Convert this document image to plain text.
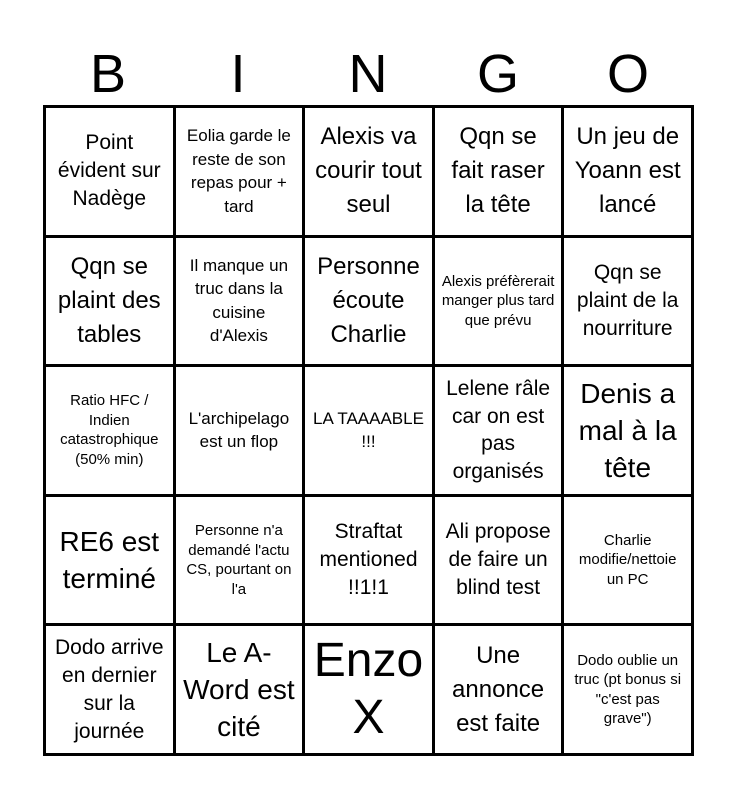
B	I	N	G	O
Point évident sur Nadège
Eolia garde le reste de son repas pour + tard
Alexis va courir tout seul
Qqn se fait raser la tête
Un jeu de Yoann est lancé
Qqn se plaint des tables
Il manque un truc dans la cuisine d'Alexis
Personne écoute Charlie
Alexis préfèrerait manger plus tard que prévu
Qqn se plaint de la nourriture
Ratio HFC / Indien catastrophique (50% min)
L'archipelago est un flop
LA TAAAABLE !!!
Lelene râle car on est pas organisés
Denis a mal à la tête
RE6 est terminé
Personne n'a demandé l'actu CS, pourtant on l'a
Straftat mentioned !!1!1
Ali propose de faire un blind test
Charlie modifie/nettoie un PC
Dodo arrive en dernier sur la journée
Le A-Word est cité
Enzo X
Une annonce est faite
Dodo oublie un truc (pt bonus si "c'est pas grave")
